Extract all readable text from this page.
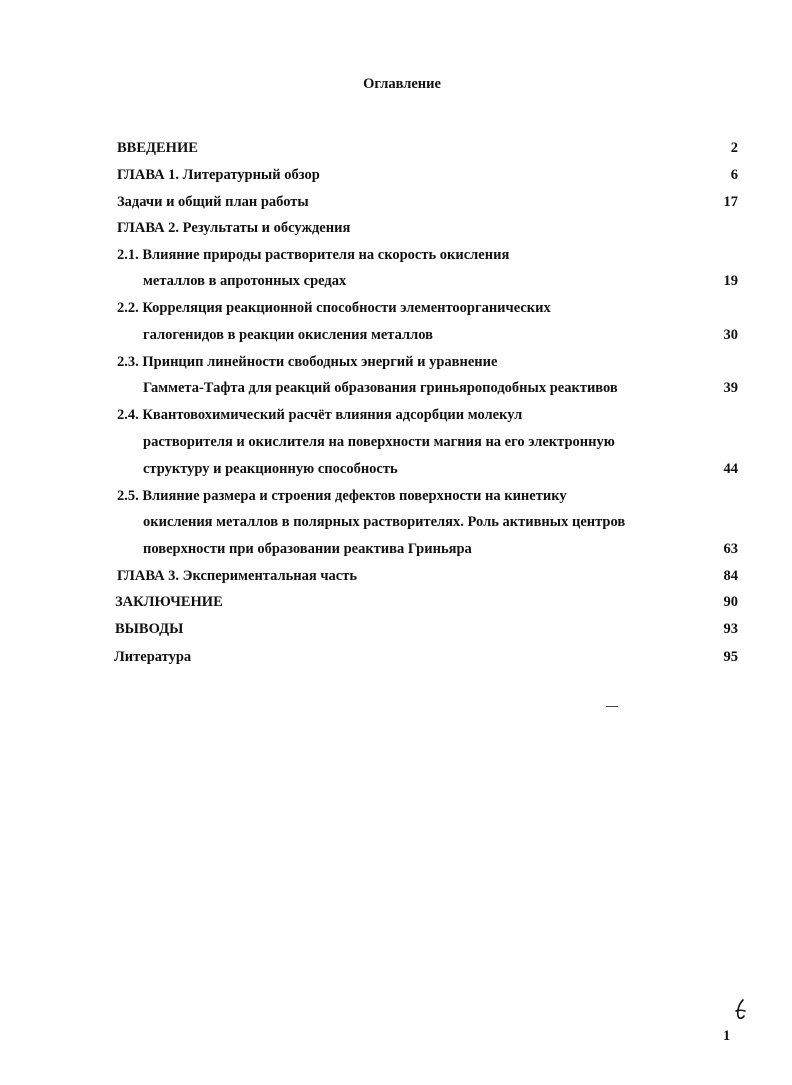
Оглавление
ВВЕДЕНИЕ	2
ГЛАВА 1. Литературный обзор	6
Задачи и общий план работы	17
ГЛАВА 2. Результаты и обсуждения
2.1. Влияние природы растворителя на скорость окисления
металлов в апротонных средах	19
2.2. Корреляция реакционной способности элементоорганических
галогенидов в реакции окисления металлов	30
2.3. Принцип линейности свободных энергий и уравнение
Гаммета-Тафта для реакций образования гриньяроподобных реактивов	39
2.4. Квантовохимический расчёт влияния адсорбции молекул
растворителя и окислителя на поверхности магния на его электронную
структуру и реакционную способность	44
2.5. Влияние размера и строения дефектов поверхности на кинетику
окисления металлов в полярных растворителях. Роль активных центров
поверхности при образовании реактива Гриньяра	63
ГЛАВА 3. Экспериментальная часть	84
ЗАКЛЮЧЕНИЕ	90
ВЫВОДЫ	93
Литература	95
1
